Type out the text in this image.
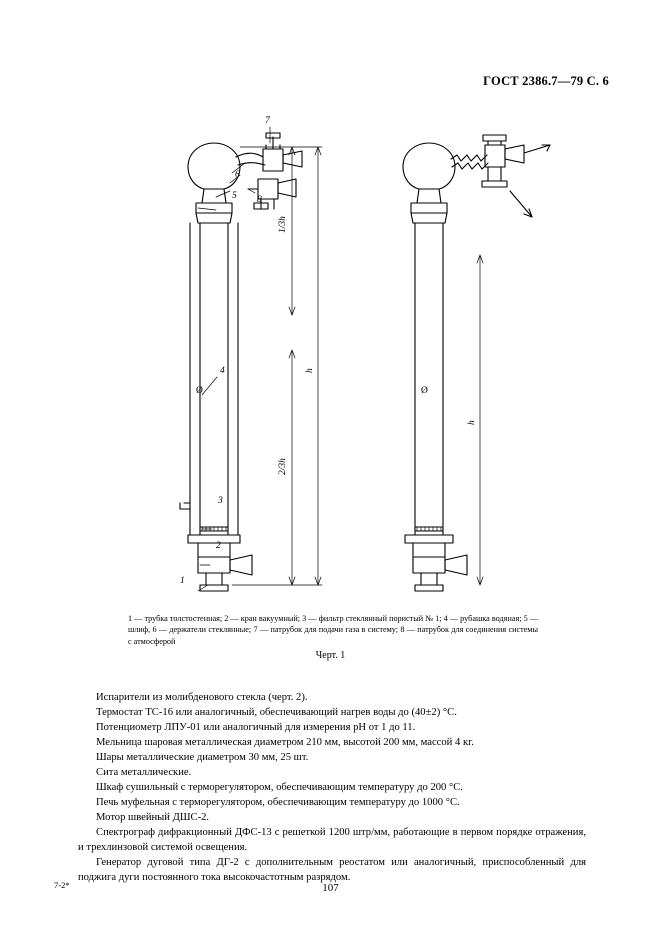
ГОСТ 2386.7—79 С. 6
7
8
6
5
4
3
2
1
1/3h
2/3h
h
h
Ø	Ø
1 — трубка толстостенная; 2 — кран вакуумный; 3 — фильтр стеклянный пористый № 1; 4 — рубашка водяная; 5 — шлиф, 6 — держатели стеклянные; 7 — патрубок для подачи газа в систему; 8 — патрубок для соединения системы с атмосферой
Черт. 1

Испарители из молибденового стекла (черт. 2).

Термостат ТС-16 или аналогичный, обеспечивающий нагрев воды до (40±2) °С.

Потенциометр ЛПУ-01 или аналогичный для измерения рН от 1 до 11.

Мельница шаровая металлическая диаметром 210 мм, высотой 200 мм, массой 4 кг.

Шары металлические диаметром 30 мм, 25 шт.

Сита металлические.

Шкаф сушильный с терморегулятором, обеспечивающим температуру до 200 °С.

Печь муфельная с терморегулятором, обеспечивающим температуру до 1000 °С.

Мотор швейный ДШС-2.

Спектрограф дифракционный ДФС-13 с решеткой 1200 штр/мм, работающие в первом порядке отражения, и трехлинзовой системой освещения.

Генератор дуговой типа ДГ-2 с дополнительным реостатом или аналогичный, приспособленный для поджига дуги постоянного тока высокочастотным разрядом.

7-2*	107
